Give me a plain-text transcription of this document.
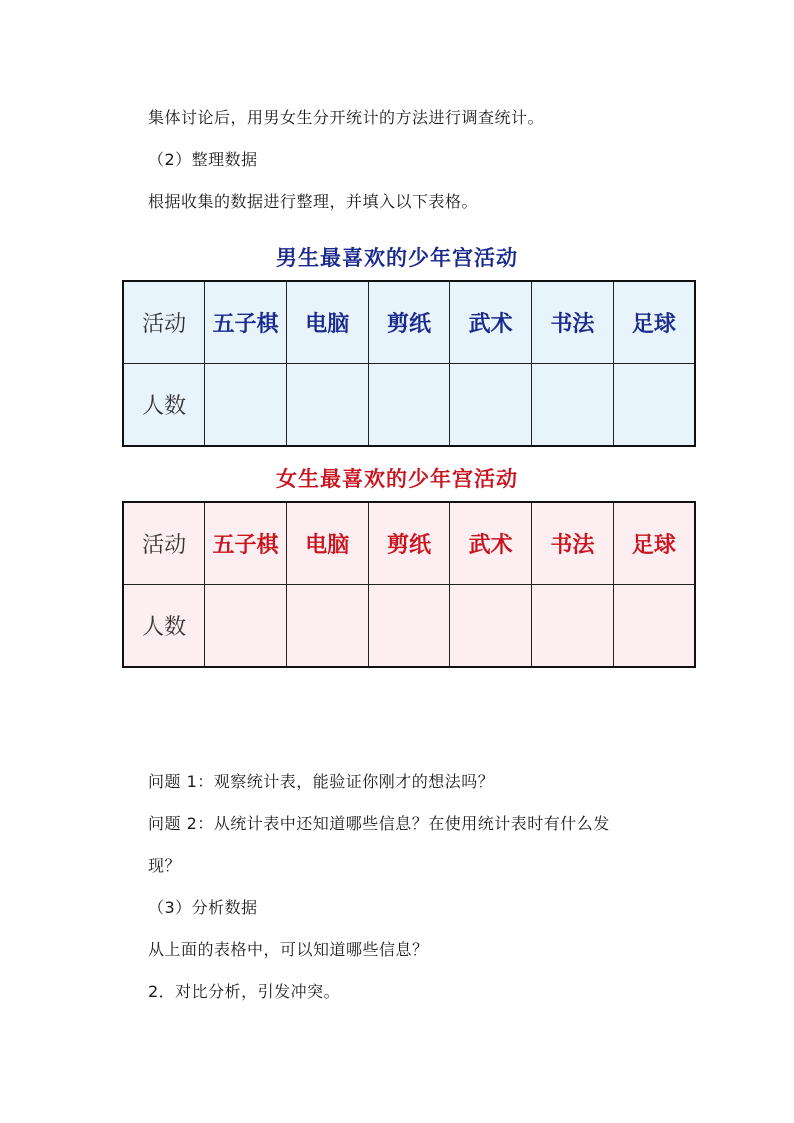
集体讨论后，用男女生分开统计的方法进行调查统计。
（2）整理数据
根据收集的数据进行整理，并填入以下表格。
男生最喜欢的少年宫活动
活动	五子棋	电脑	剪纸	武术	书法	足球
人数						
女生最喜欢的少年宫活动
活动	五子棋	电脑	剪纸	武术	书法	足球
人数						
问题 1：观察统计表，能验证你刚才的想法吗？
问题 2：从统计表中还知道哪些信息？在使用统计表时有什么发
现？
（3）分析数据
从上面的表格中，可以知道哪些信息？
2．对比分析，引发冲突。
